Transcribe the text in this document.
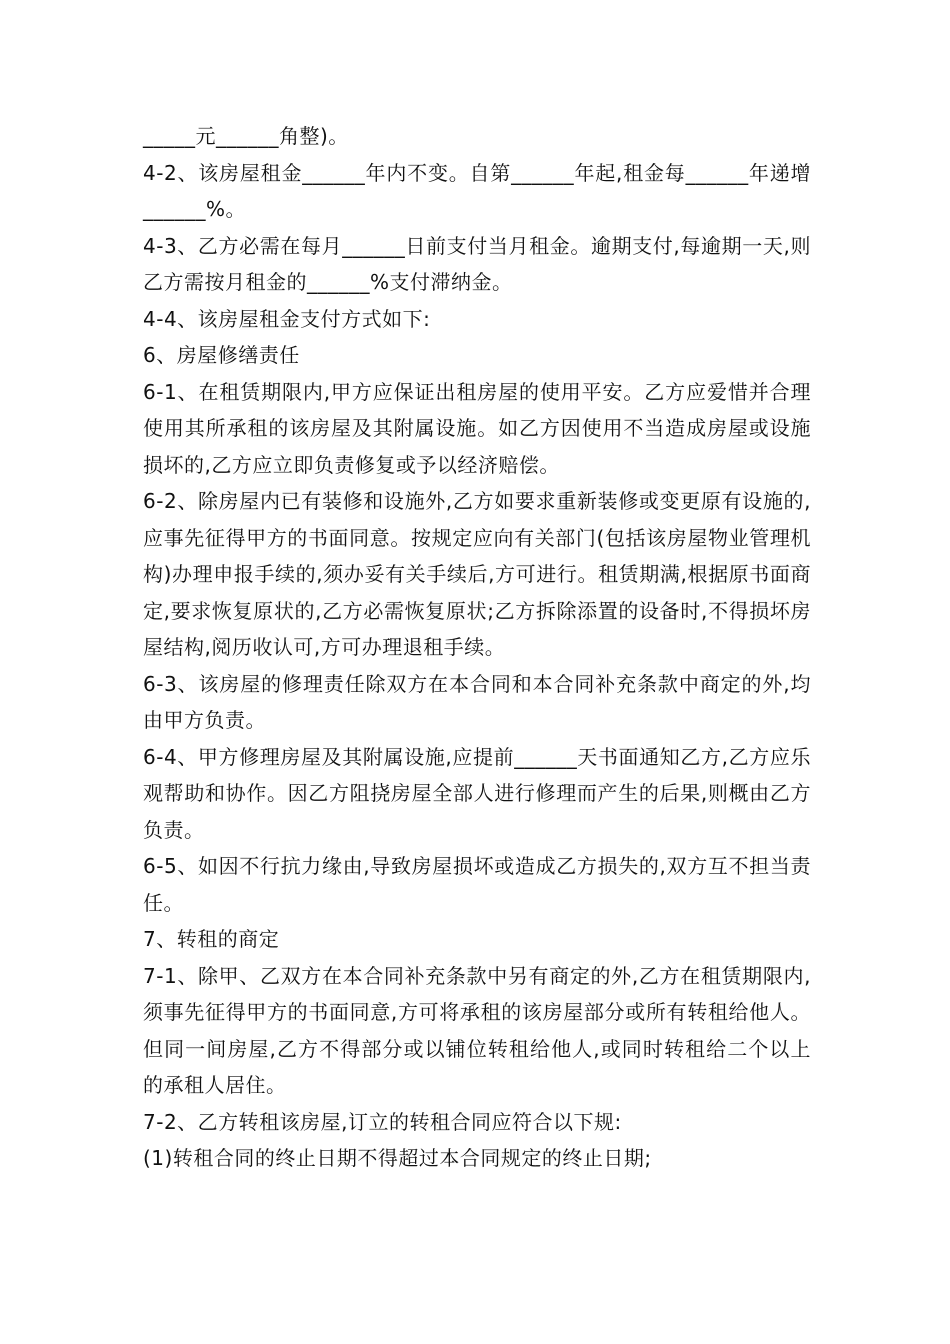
_____元______角整)。

4-2、该房屋租金______年内不变。自第______年起,租金每______年递增______%。

4-3、乙方必需在每月______日前支付当月租金。逾期支付,每逾期一天,则乙方需按月租金的______%支付滞纳金。

4-4、该房屋租金支付方式如下:

6、房屋修缮责任

6-1、在租赁期限内,甲方应保证出租房屋的使用平安。乙方应爱惜并合理使用其所承租的该房屋及其附属设施。如乙方因使用不当造成房屋或设施损坏的,乙方应立即负责修复或予以经济赔偿。

6-2、除房屋内已有装修和设施外,乙方如要求重新装修或变更原有设施的,应事先征得甲方的书面同意。按规定应向有关部门(包括该房屋物业管理机构)办理申报手续的,须办妥有关手续后,方可进行。租赁期满,根据原书面商定,要求恢复原状的,乙方必需恢复原状;乙方拆除添置的设备时,不得损坏房屋结构,阅历收认可,方可办理退租手续。

6-3、该房屋的修理责任除双方在本合同和本合同补充条款中商定的外,均由甲方负责。

6-4、甲方修理房屋及其附属设施,应提前______天书面通知乙方,乙方应乐观帮助和协作。因乙方阻挠房屋全部人进行修理而产生的后果,则概由乙方负责。

6-5、如因不行抗力缘由,导致房屋损坏或造成乙方损失的,双方互不担当责任。

7、转租的商定

7-1、除甲、乙双方在本合同补充条款中另有商定的外,乙方在租赁期限内,须事先征得甲方的书面同意,方可将承租的该房屋部分或所有转租给他人。但同一间房屋,乙方不得部分或以铺位转租给他人,或同时转租给二个以上的承租人居住。

7-2、乙方转租该房屋,订立的转租合同应符合以下规:

(1)转租合同的终止日期不得超过本合同规定的终止日期;
